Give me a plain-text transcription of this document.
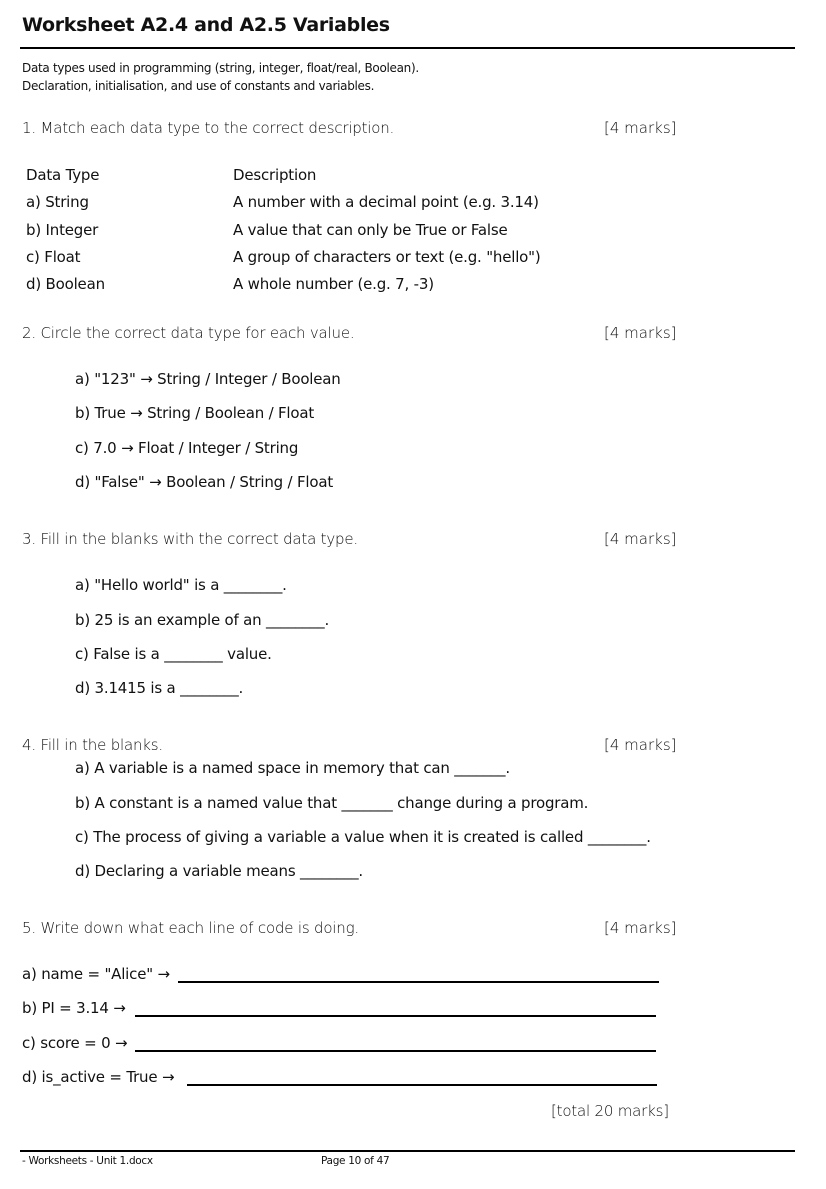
Worksheet A2.4 and A2.5 Variables
Data types used in programming (string, integer, float/real, Boolean).
Declaration, initialisation, and use of constants and variables.
1. Match each data type to the correct description.	[4 marks]
Data Type	Description
a) String	A number with a decimal point (e.g. 3.14)
b) Integer	A value that can only be True or False
c) Float	A group of characters or text (e.g. "hello")
d) Boolean	A whole number (e.g. 7, -3)
2. Circle the correct data type for each value.	[4 marks]
a) "123" → String / Integer / Boolean
b) True → String / Boolean / Float
c) 7.0 → Float / Integer / String
d) "False" → Boolean / String / Float
3. Fill in the blanks with the correct data type.	[4 marks]
a) "Hello world" is a ________.
b) 25 is an example of an ________.
c) False is a ________ value.
d) 3.1415 is a ________.
4. Fill in the blanks.	[4 marks]
a) A variable is a named space in memory that can _______.
b) A constant is a named value that _______ change during a program.
c) The process of giving a variable a value when it is created is called ________.
d) Declaring a variable means ________.
5. Write down what each line of code is doing.	[4 marks]
a) name = "Alice" →
b) PI = 3.14 →
c) score = 0 →
d) is_active = True →
[total 20 marks]
- Worksheets - Unit 1.docx	Page 10 of 47
